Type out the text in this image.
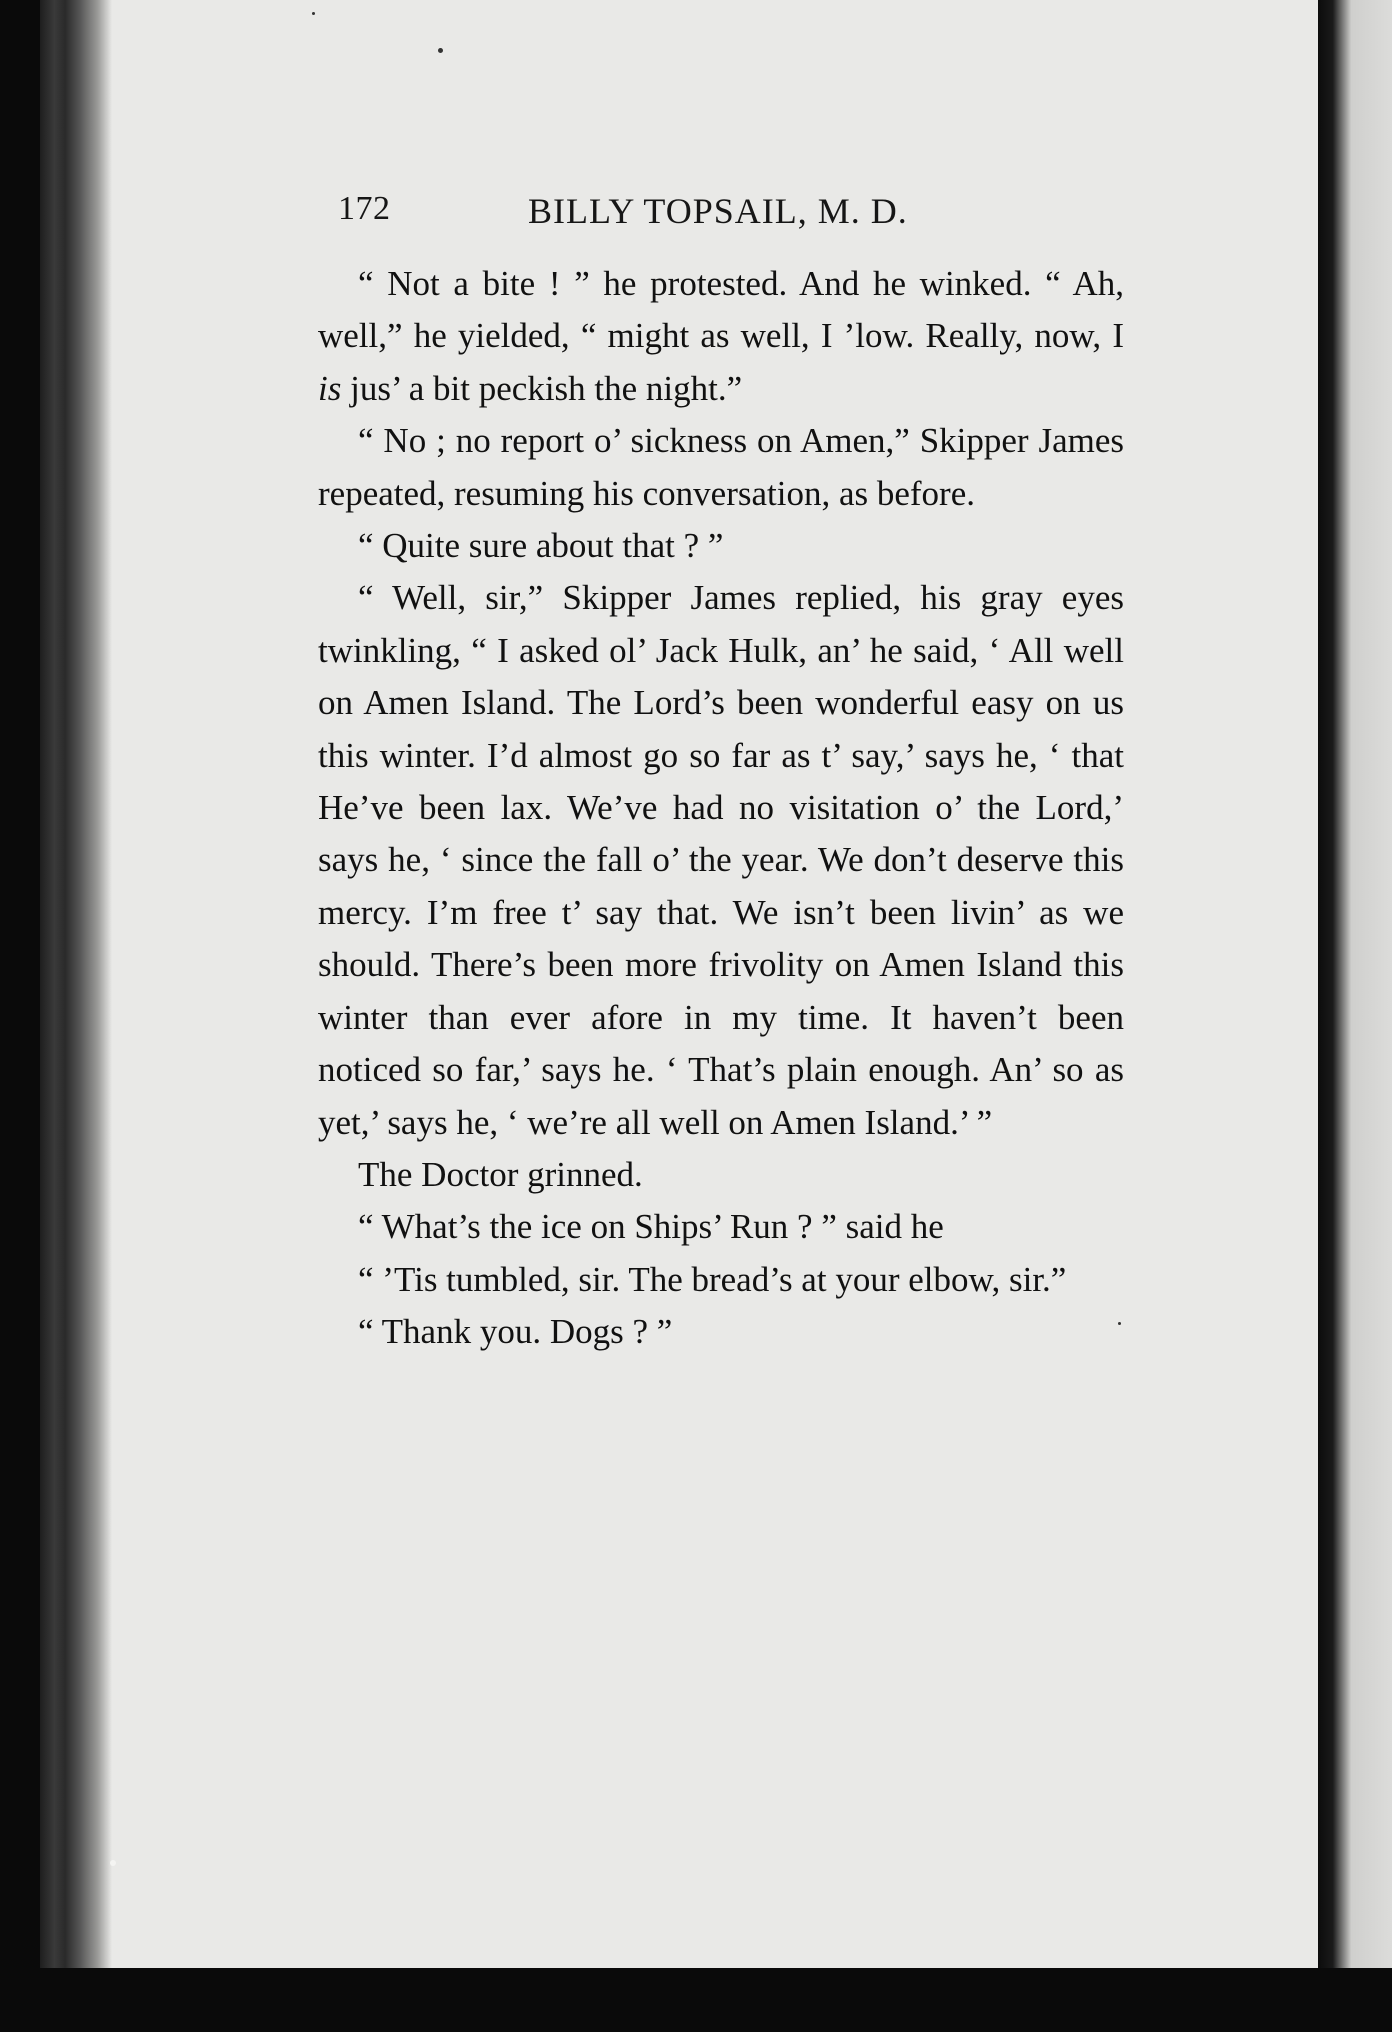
172	BILLY TOPSAIL, M. D.

“ Not a bite ! ” he protested. And he winked. “ Ah, well,” he yielded, “ might as well, I ’low. Really, now, I is jus’ a bit peckish the night.”

“ No ; no report o’ sickness on Amen,” Skipper James repeated, resuming his conversation, as before.

“ Quite sure about that ? ”

“ Well, sir,” Skipper James replied, his gray eyes twinkling, “ I asked ol’ Jack Hulk, an’ he said, ‘ All well on Amen Island. The Lord’s been wonderful easy on us this winter. I’d almost go so far as t’ say,’ says he, ‘ that He’ve been lax. We’ve had no visitation o’ the Lord,’ says he, ‘ since the fall o’ the year. We don’t deserve this mercy. I’m free t’ say that. We isn’t been livin’ as we should. There’s been more frivolity on Amen Island this winter than ever afore in my time. It haven’t been noticed so far,’ says he. ‘ That’s plain enough. An’ so as yet,’ says he, ‘ we’re all well on Amen Island.’ ”

The Doctor grinned.

“ What’s the ice on Ships’ Run ? ” said he

“ ’Tis tumbled, sir. The bread’s at your elbow, sir.”

“ Thank you. Dogs ? ”
